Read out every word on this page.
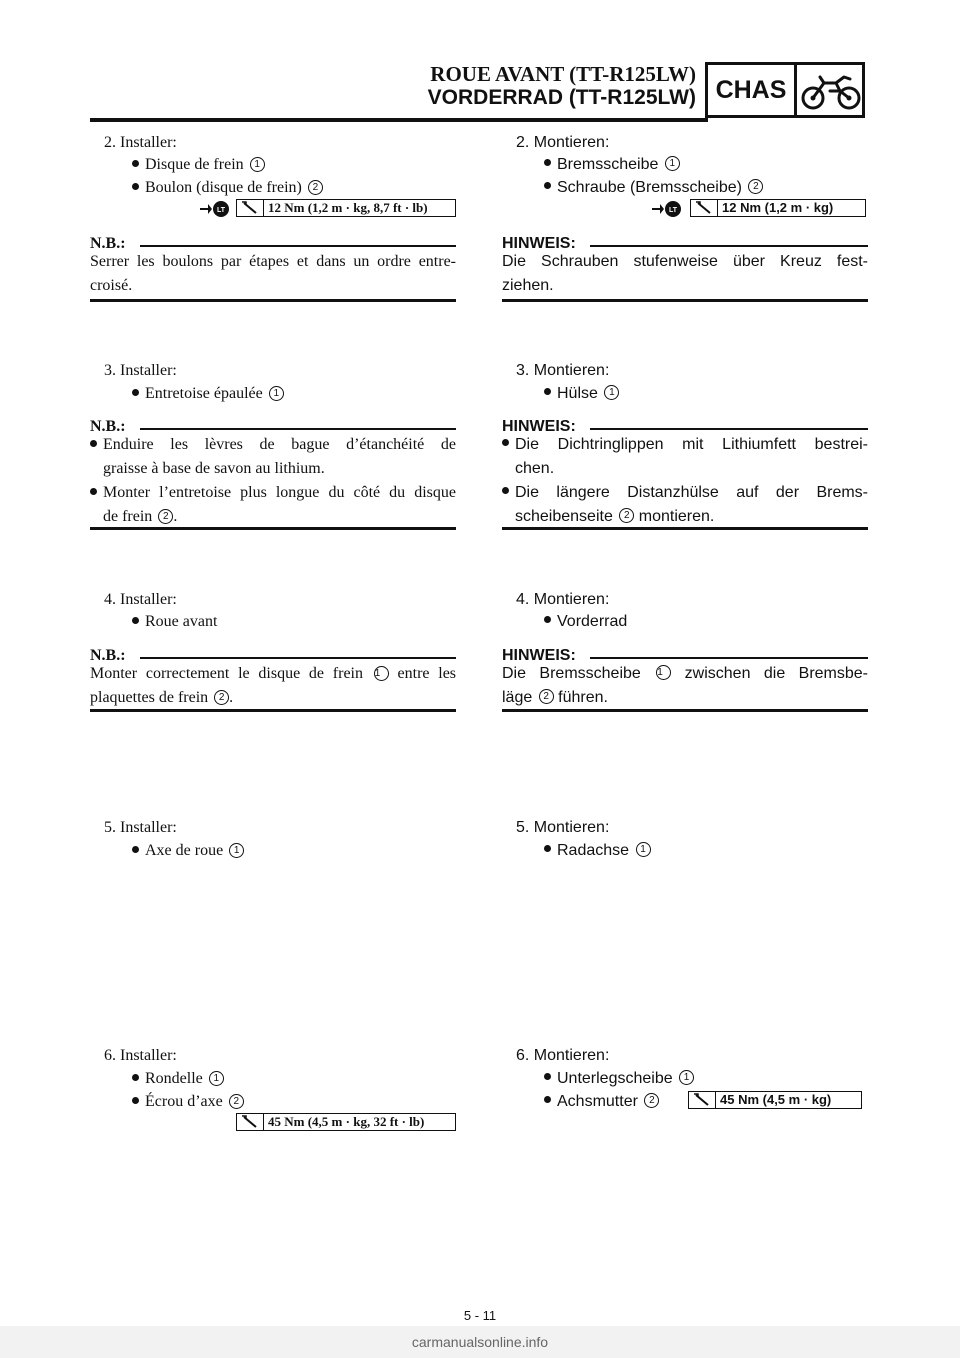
ROUE AVANT (TT-R125LW)
VORDERRAD (TT-R125LW) CHAS
2. Installer:
Disque de frein 1
Boulon (disque de frein) 2
LT	12 Nm (1,2 m · kg, 8,7 ft · lb)
N.B.:
Serrer les boulons par étapes et dans un ordre entre-
croisé.
3. Installer:
Entretoise épaulée 1
N.B.:
Enduire les lèvres de bague d’étanchéité de
graisse à base de savon au lithium.
Monter l’entretoise plus longue du côté du disque
de frein 2 .
4. Installer:
Roue avant
N.B.:
Monter correctement le disque de frein 1 entre les
plaquettes de frein 2 .
5. Installer:
Axe de roue 1
6. Installer:
Rondelle 1
Écrou d’axe 2
45 Nm (4,5 m · kg, 32 ft · lb)
2. Montieren:
Bremsscheibe 1
Schraube (Bremsscheibe) 2
LT	12 Nm (1,2 m · kg)
HINWEIS:
Die Schrauben stufenweise über Kreuz fest-
ziehen.
3. Montieren:
Hülse 1
HINWEIS:
Die Dichtringlippen mit Lithiumfett bestrei-
chen.
Die längere Distanzhülse auf der Brems-
scheibenseite 2 montieren.
4. Montieren:
Vorderrad
HINWEIS:
Die Bremsscheibe 1 zwischen die Bremsbe-
läge 2 führen.
5. Montieren:
Radachse 1
6. Montieren:
Unterlegscheibe 1
Achsmutter 2	45 Nm (4,5 m · kg)
5 - 11
carmanualsonline.info
